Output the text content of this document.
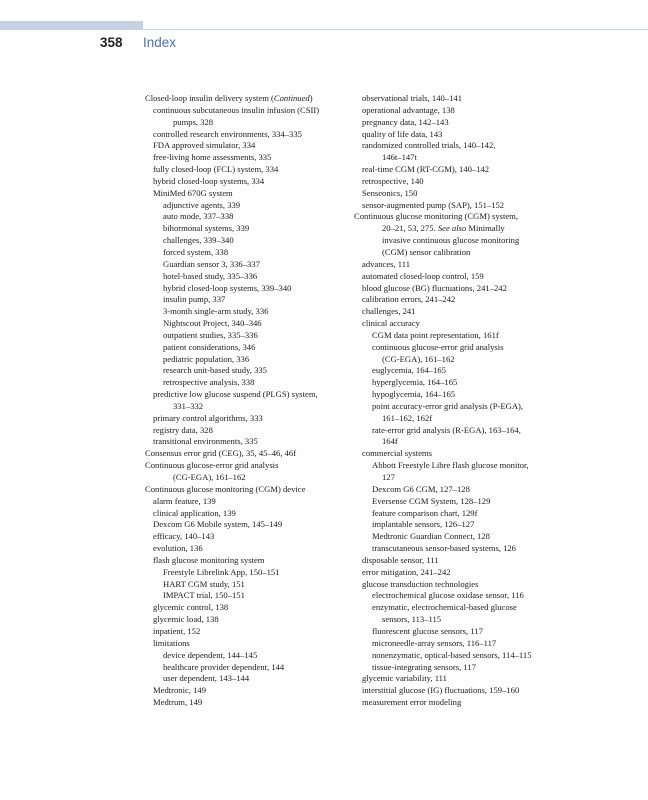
358 Index
Closed-loop insulin delivery system (Continued)
continuous subcutaneous insulin infusion (CSII)
pumps, 328
controlled research environments, 334–335
FDA approved simulator, 334
free-living home assessments, 335
fully closed-loop (FCL) system, 334
hybrid closed-loop systems, 334
MiniMed 670G system
adjunctive agents, 339
auto mode, 337–338
bihormonal systems, 339
challenges, 339–340
forced system, 338
Guardian sensor 3, 336–337
hotel-based study, 335–336
hybrid closed-loop systems, 339–340
insulin pump, 337
3-month single-arm study, 336
Nightscout Project, 340–346
outpatient studies, 335–336
patient considerations, 346
pediatric population, 336
research unit-based study, 335
retrospective analysis, 338
predictive low glucose suspend (PLGS) system,
331–332
primary control algorithms, 333
registry data, 328
transitional environments, 335
Consensus error grid (CEG), 35, 45–46, 46f
Continuous glucose-error grid analysis
(CG-EGA), 161–162
Continuous glucose monitoring (CGM) device
alarm feature, 139
clinical application, 139
Dexcom G6 Mobile system, 145–149
efficacy, 140–143
evolution, 136
flash glucose monitoring system
Freestyle Librelink App, 150–151
HART CGM study, 151
IMPACT trial, 150–151
glycemic control, 138
glycemic load, 138
inpatient, 152
limitations
device dependent, 144–145
healthcare provider dependent, 144
user dependent, 143–144
Medtronic, 149
Medtrum, 149
observational trials, 140–141
operational advantage, 138
pregnancy data, 142–143
quality of life data, 143
randomized controlled trials, 140–142,
146t–147t
real-time CGM (RT-CGM), 140–142
retrospective, 140
Senseonics, 150
sensor-augmented pump (SAP), 151–152
Continuous glucose monitoring (CGM) system,
20–21, 53, 275. See also Minimally
invasive continuous glucose monitoring
(CGM) sensor calibration
advances, 111
automated closed-loop control, 159
blood glucose (BG) fluctuations, 241–242
calibration errors, 241–242
challenges, 241
clinical accuracy
CGM data point representation, 161f
continuous glucose-error grid analysis
(CG-EGA), 161–162
euglycemia, 164–165
hyperglycemia, 164–165
hypoglycemia, 164–165
point accuracy-error grid analysis (P-EGA),
161–162, 162f
rate-error grid analysis (R-EGA), 163–164,
164f
commercial systems
Abbott Freestyle Libre flash glucose monitor,
127
Dexcom G6 CGM, 127–128
Eversense CGM System, 128–129
feature comparison chart, 129f
implantable sensors, 126–127
Medtronic Guardian Connect, 128
transcutaneous sensor-based systems, 126
disposable sensor, 111
error mitigation, 241–242
glucose transduction technologies
electrochemical glucose oxidase sensor, 116
enzymatic, electrochemical-based glucose
sensors, 113–115
fluorescent glucose sensors, 117
microneedle-array sensors, 116–117
nonenzymatic, optical-based sensors, 114–115
tissue-integrating sensors, 117
glycemic variability, 111
interstitial glucose (IG) fluctuations, 159–160
measurement error modeling
